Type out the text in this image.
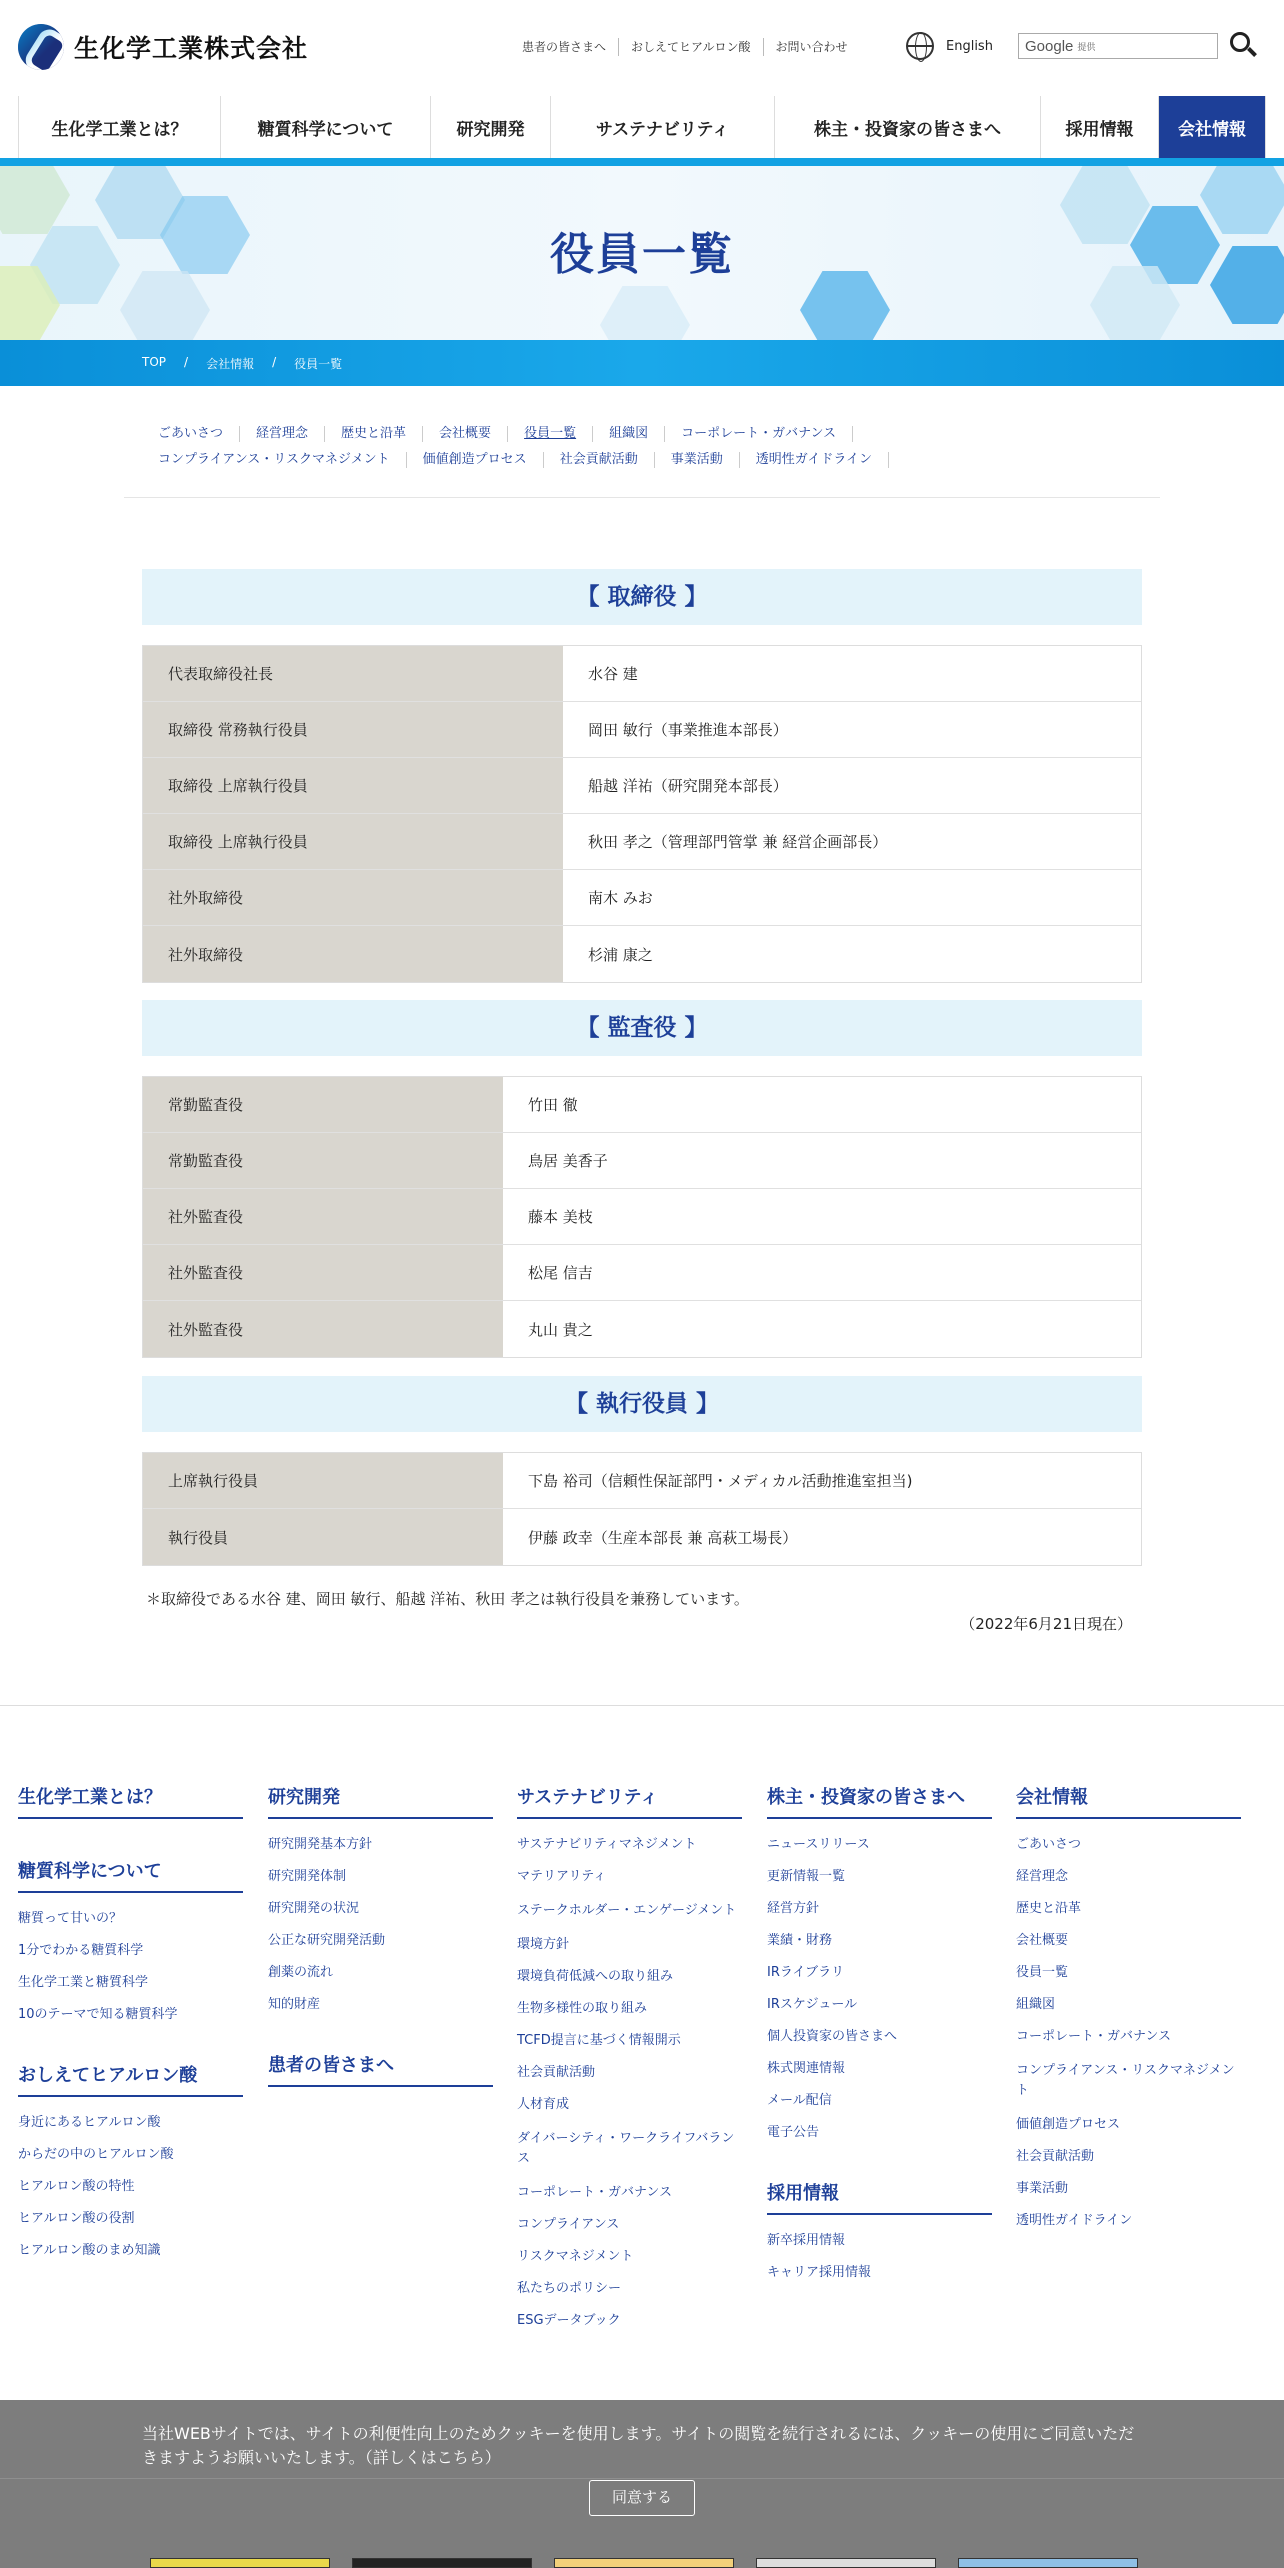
生化学工業株式会社	患者の皆さまへ	おしえてヒアルロン酸	お問い合わせ	English Google 提供
生化学工業とは？	糖質科学について	研究開発	サステナビリティ	株主・投資家の皆さまへ	採用情報	会社情報
役員一覧
TOP / 会社情報 / 役員一覧
ごあいさつ	経営理念	歴史と沿革	会社概要	役員一覧	組織図	コーポレート・ガバナンス
コンプライアンス・リスクマネジメント	価値創造プロセス	社会貢献活動	事業活動	透明性ガイドライン
【 取締役 】
代表取締役社長	水谷 建
取締役 常務執行役員	岡田 敏行（事業推進本部長）
取締役 上席執行役員	船越 洋祐（研究開発本部長）
取締役 上席執行役員	秋田 孝之（管理部門管掌 兼 経営企画部長）
社外取締役	南木 みお
社外取締役	杉浦 康之
【 監査役 】
常勤監査役	竹田 徹
常勤監査役	鳥居 美香子
社外監査役	藤本 美枝
社外監査役	松尾 信吉
社外監査役	丸山 貴之
【 執行役員 】
上席執行役員	下島 裕司（信頼性保証部門・メディカル活動推進室担当)
執行役員	伊藤 政幸（生産本部長 兼 高萩工場長）

＊取締役である水谷 建、岡田 敏行、船越 洋祐、秋田 孝之は執行役員を兼務しています。

（2022年6月21日現在）

生化学工業とは？
糖質科学について
糖質って甘いの？
1分でわかる糖質科学
生化学工業と糖質科学
10のテーマで知る糖質科学
おしえてヒアルロン酸
身近にあるヒアルロン酸
からだの中のヒアルロン酸
ヒアルロン酸の特性
ヒアルロン酸の役割
ヒアルロン酸のまめ知識
研究開発
研究開発基本方針
研究開発体制
研究開発の状況
公正な研究開発活動
創薬の流れ
知的財産
患者の皆さまへ
サステナビリティ
サステナビリティマネジメント
マテリアリティ
ステークホルダー・エンゲージメント
環境方針
環境負荷低減への取り組み
生物多様性の取り組み
TCFD提言に基づく情報開示
社会貢献活動
人材育成
ダイバーシティ・ワークライフバランス
コーポレート・ガバナンス
コンプライアンス
リスクマネジメント
私たちのポリシー
ESGデータブック
株主・投資家の皆さまへ
ニュースリリース
更新情報一覧
経営方針
業績・財務
IRライブラリ
IRスケジュール
個人投資家の皆さまへ
株式関連情報
メール配信
電子公告
採用情報
新卒採用情報
キャリア採用情報
会社情報
ごあいさつ
経営理念
歴史と沿革
会社概要
役員一覧
組織図
コーポレート・ガバナンス
コンプライアンス・リスクマネジメント
価値創造プロセス
社会貢献活動
事業活動
透明性ガイドライン

当社WEBサイトでは、サイトの利便性向上のためクッキーを使用します。サイトの閲覧を続行されるには、クッキーの使用にご同意いただきますようお願いいたします。（詳しくはこちら）

同意する
